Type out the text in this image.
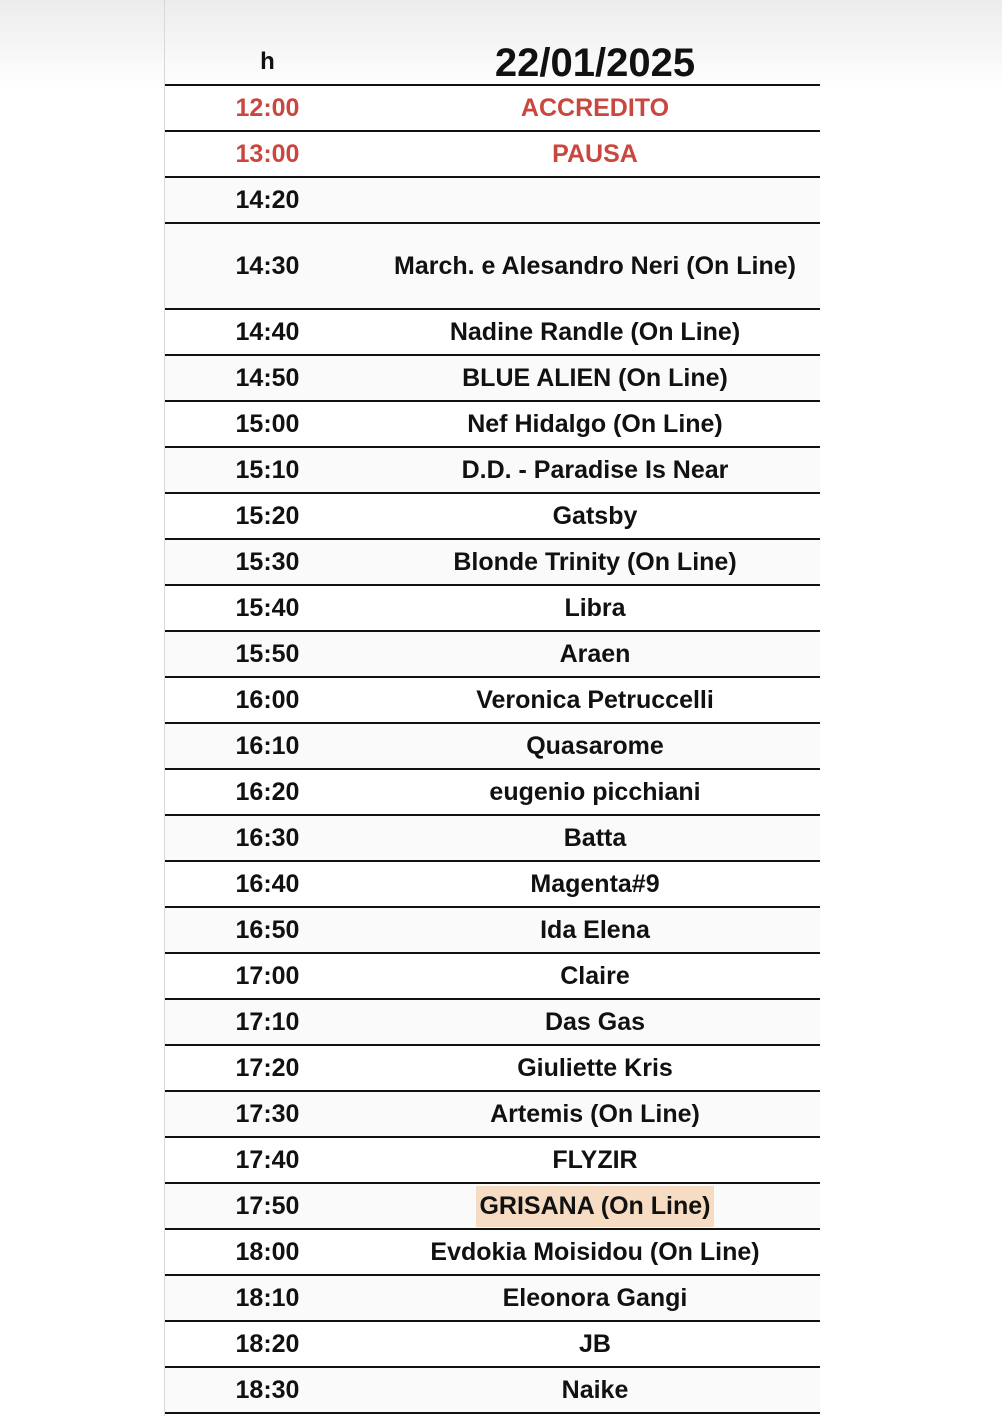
h	22/01/2025
12:00	ACCREDITO
13:00	PAUSA
14:20
14:30	March. e Alesandro Neri (On Line)
14:40	Nadine Randle (On Line)
14:50	BLUE ALIEN (On Line)
15:00	Nef Hidalgo (On Line)
15:10	D.D. - Paradise Is Near
15:20	Gatsby
15:30	Blonde Trinity (On Line)
15:40	Libra
15:50	Araen
16:00	Veronica Petruccelli
16:10	Quasarome
16:20	eugenio picchiani
16:30	Batta
16:40	Magenta#9
16:50	Ida Elena
17:00	Claire
17:10	Das Gas
17:20	Giuliette Kris
17:30	Artemis (On Line)
17:40	FLYZIR
17:50	GRISANA (On Line)
18:00	Evdokia Moisidou (On Line)
18:10	Eleonora Gangi
18:20	JB
18:30	Naike
